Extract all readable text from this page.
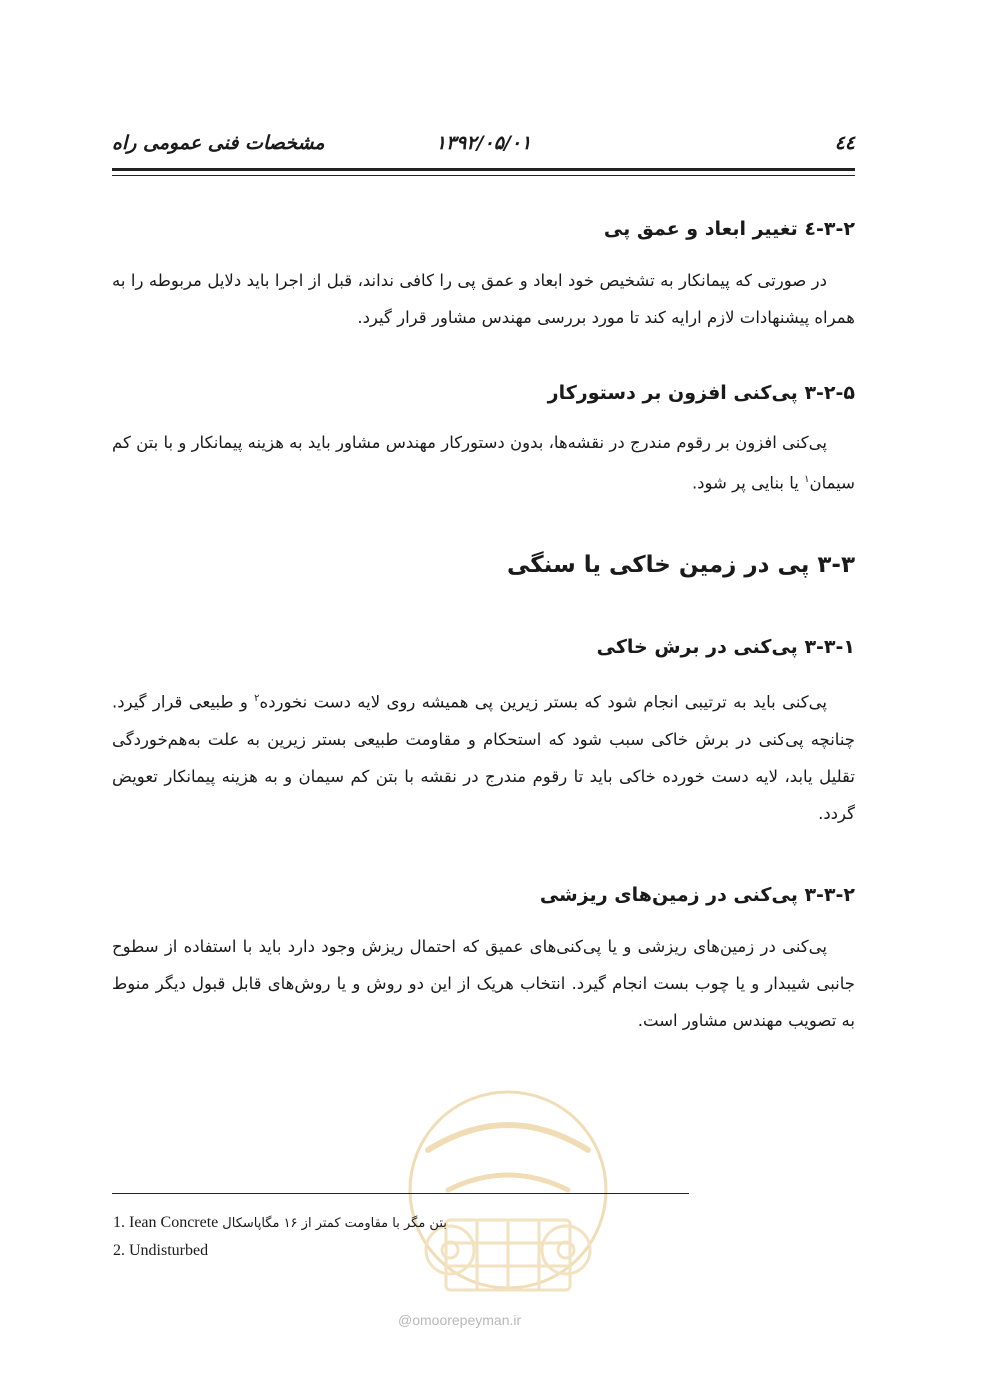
٤٤
۱۳۹۲/۰۵/۰۱
مشخصات فنی عمومی راه
۳-۲-٤ تغییر ابعاد و عمق پی

در صورتی که پیمانکار به تشخیص خود ابعاد و عمق پی را کافی نداند، قبل از اجرا باید دلایل مربوطه را به همراه پیشنهادات لازم ارایه کند تا مورد بررسی مهندس مشاور قرار گیرد.

۳-۲-۵ پی‌کنی افزون بر دستورکار

پی‌کنی افزون بر رقوم مندرج در نقشه‌ها، بدون دستورکار مهندس مشاور باید به هزینه پیمانکار و با بتن کم سیمان$^۱$ یا بنایی پر شود.

۳-۳ پی در زمین خاکی یا سنگی
۳-۳-۱ پی‌کنی در برش خاکی

پی‌کنی باید به ترتیبی انجام شود که بستر زیرین پی همیشه روی لایه دست نخورده$^۲$ و طبیعی قرار گیرد. چنانچه پی‌کنی در برش خاکی سبب شود که استحکام و مقاومت طبیعی بستر زیرین به علت به‌هم‌خوردگی تقلیل یابد، لایه دست خورده خاکی باید تا رقوم مندرج در نقشه با بتن کم سیمان و به هزینه پیمانکار تعویض گردد.

۳-۳-۲ پی‌کنی در زمین‌های ریزشی

پی‌کنی در زمین‌های ریزشی و یا پی‌کنی‌های عمیق که احتمال ریزش وجود دارد باید با استفاده از سطوح جانبی شیبدار و یا چوب بست انجام گیرد. انتخاب هریک از این دو روش و یا روش‌های قابل قبول دیگر منوط به تصویب مهندس مشاور است.

@omoorepeyman.ir
1. Iean Concrete بتن مگر با مقاومت کمتر از ۱۶ مگاپاسکال
2. Undisturbed
